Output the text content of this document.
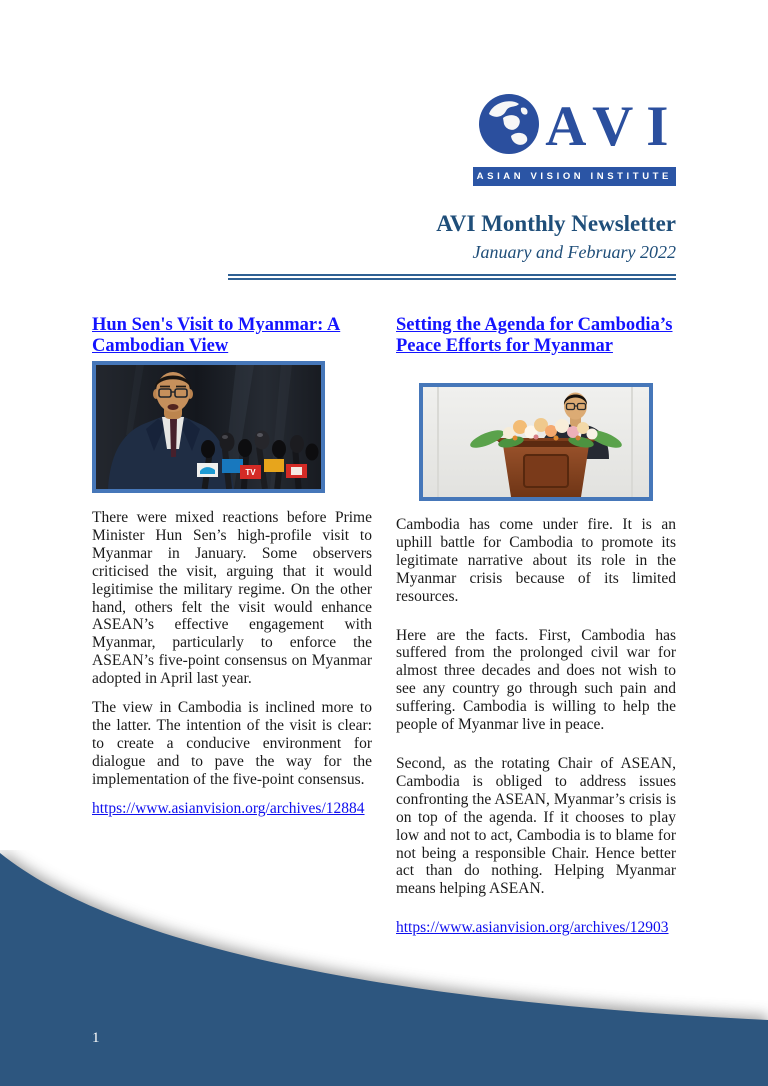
AVI
ASIAN VISION INSTITUTE
AVI Monthly Newsletter
January and February 2022
Hun Sen's Visit to Myanmar: A Cambodian View
TV

There were mixed reactions before Prime Minister Hun Sen’s high-profile visit to Myanmar in January. Some observers criticised the visit, arguing that it would legitimise the military regime. On the other hand, others felt the visit would enhance ASEAN’s effective engagement with Myanmar, particularly to enforce the ASEAN’s five-point consensus on Myanmar adopted in April last year.

The view in Cambodia is inclined more to the latter. The intention of the visit is clear: to create a conducive environment for dialogue and to pave the way for the implementation of the five-point consensus.

https://www.asianvision.org/archives/12884
Setting the Agenda for Cambodia’s Peace Efforts for Myanmar

Cambodia has come under fire. It is an uphill battle for Cambodia to promote its legitimate narrative about its role in the Myanmar crisis because of its limited resources.

Here are the facts. First, Cambodia has suffered from the prolonged civil war for almost three decades and does not wish to see any country go through such pain and suffering. Cambodia is willing to help the people of Myanmar live in peace.

Second, as the rotating Chair of ASEAN, Cambodia is obliged to address issues confronting the ASEAN, Myanmar’s crisis is on top of the agenda. If it chooses to play low and not to act, Cambodia is to blame for not being a responsible Chair. Hence better act than do nothing. Helping Myanmar means helping ASEAN.

https://www.asianvision.org/archives/12903
1
